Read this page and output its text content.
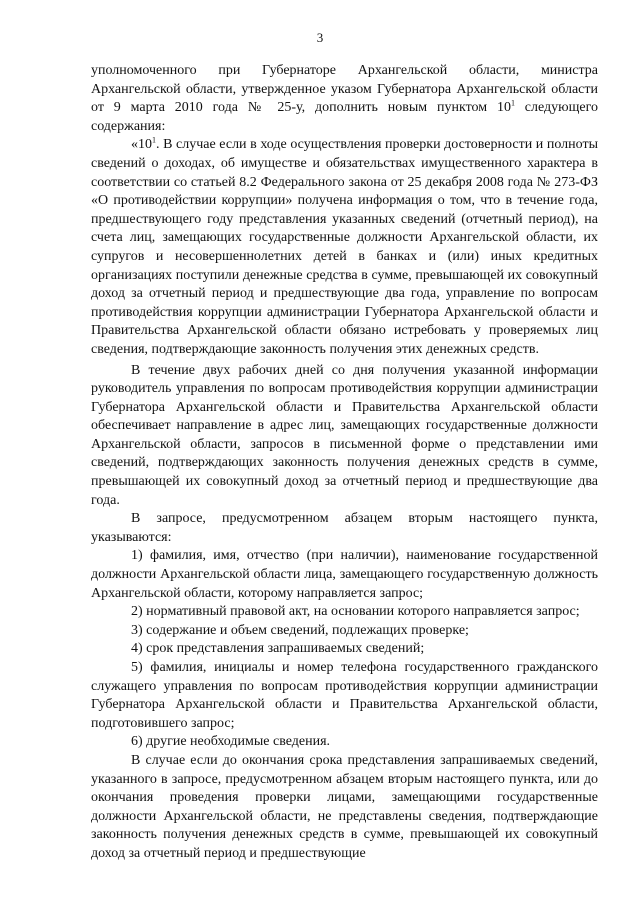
3

уполномоченного при Губернаторе Архангельской области, министра Архангельской области, утвержденное указом Губернатора Архангельской области от 9 марта 2010 года № 25-у, дополнить новым пунктом $10^1$ следующего содержания:

«$10^1$. В случае если в ходе осуществления проверки достоверности и полноты сведений о доходах, об имуществе и обязательствах имущественного характера в соответствии со статьей 8.2 Федерального закона от 25 декабря 2008 года № 273-ФЗ «О противодействии коррупции» получена информация о том, что в течение года, предшествующего году представления указанных сведений (отчетный период), на счета лиц, замещающих государственные должности Архангельской области, их супругов и несовершеннолетних детей в банках и (или) иных кредитных организациях поступили денежные средства в сумме, превышающей их совокупный доход за отчетный период и предшествующие два года, управление по вопросам противодействия коррупции администрации Губернатора Архангельской области и Правительства Архангельской области обязано истребовать у проверяемых лиц сведения, подтверждающие законность получения этих денежных средств.

В течение двух рабочих дней со дня получения указанной информации руководитель управления по вопросам противодействия коррупции администрации Губернатора Архангельской области и Правительства Архангельской области обеспечивает направление в адрес лиц, замещающих государственные должности Архангельской области, запросов в письменной форме о представлении ими сведений, подтверждающих законность получения денежных средств в сумме, превышающей их совокупный доход за отчетный период и предшествующие два года.

В запросе, предусмотренном абзацем вторым настоящего пункта, указываются:

1) фамилия, имя, отчество (при наличии), наименование государственной должности Архангельской области лица, замещающего государственную должность Архангельской области, которому направляется запрос;

2) нормативный правовой акт, на основании которого направляется запрос;

3) содержание и объем сведений, подлежащих проверке;

4) срок представления запрашиваемых сведений;

5) фамилия, инициалы и номер телефона государственного гражданского служащего управления по вопросам противодействия коррупции администрации Губернатора Архангельской области и Правительства Архангельской области, подготовившего запрос;

6) другие необходимые сведения.

В случае если до окончания срока представления запрашиваемых сведений, указанного в запросе, предусмотренном абзацем вторым настоящего пункта, или до окончания проведения проверки лицами, замещающими государственные должности Архангельской области, не представлены сведения, подтверждающие законность получения денежных средств в сумме, превышающей их совокупный доход за отчетный период и предшествующие
